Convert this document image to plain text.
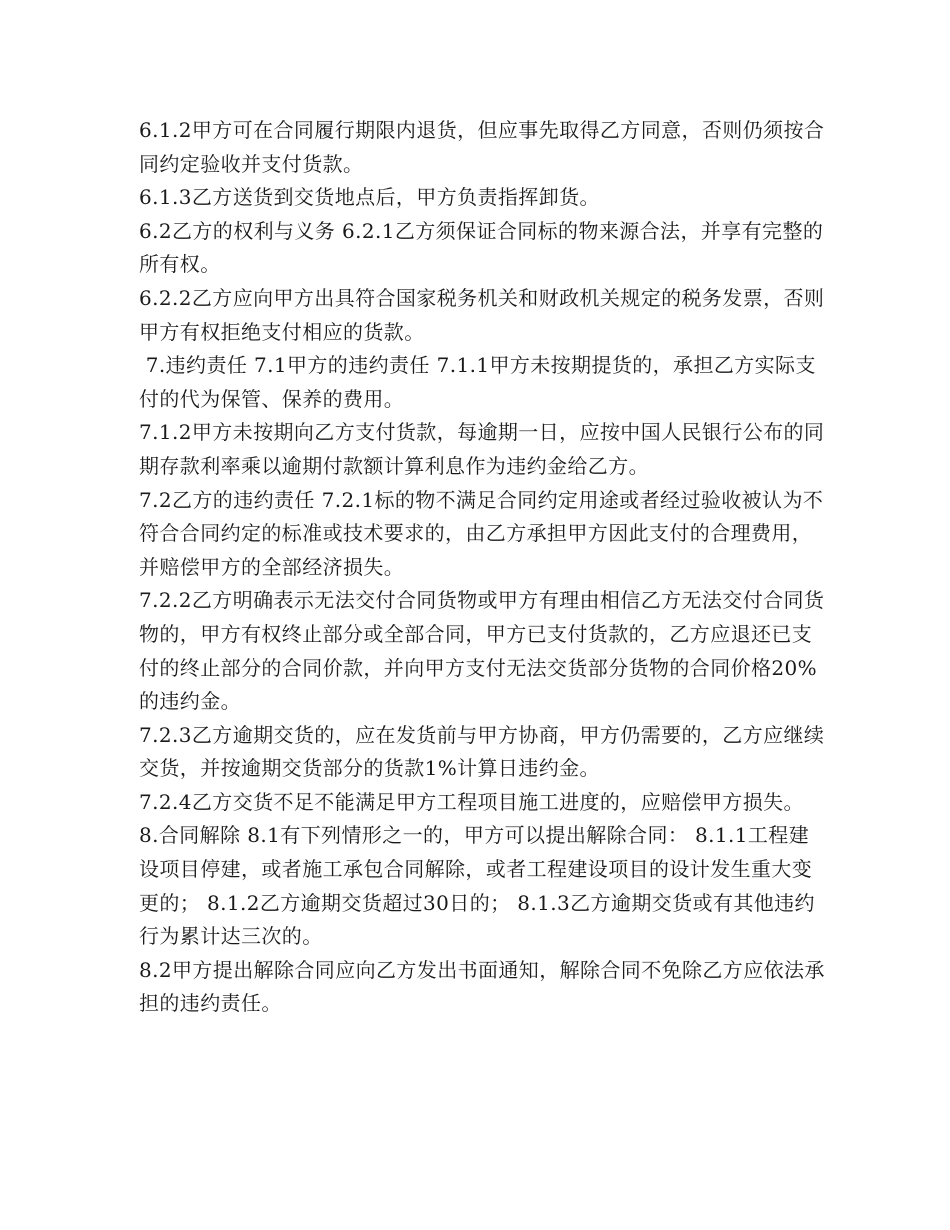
6.1.2甲方可在合同履行期限内退货，但应事先取得乙方同意，否则仍须按合同约定验收并支付货款。

6.1.3乙方送货到交货地点后，甲方负责指挥卸货。

6.2乙方的权利与义务 6.2.1乙方须保证合同标的物来源合法，并享有完整的所有权。

6.2.2乙方应向甲方出具符合国家税务机关和财政机关规定的税务发票，否则甲方有权拒绝支付相应的货款。

7.违约责任 7.1甲方的违约责任 7.1.1甲方未按期提货的，承担乙方实际支付的代为保管、保养的费用。

7.1.2甲方未按期向乙方支付货款，每逾期一日，应按中国人民银行公布的同期存款利率乘以逾期付款额计算利息作为违约金给乙方。

7.2乙方的违约责任 7.2.1标的物不满足合同约定用途或者经过验收被认为不符合合同约定的标准或技术要求的，由乙方承担甲方因此支付的合理费用，并赔偿甲方的全部经济损失。

7.2.2乙方明确表示无法交付合同货物或甲方有理由相信乙方无法交付合同货物的，甲方有权终止部分或全部合同，甲方已支付货款的，乙方应退还已支付的终止部分的合同价款，并向甲方支付无法交货部分货物的合同价格20%的违约金。

7.2.3乙方逾期交货的，应在发货前与甲方协商，甲方仍需要的，乙方应继续交货，并按逾期交货部分的货款1%计算日违约金。

7.2.4乙方交货不足不能满足甲方工程项目施工进度的，应赔偿甲方损失。

8.合同解除 8.1有下列情形之一的，甲方可以提出解除合同： 8.1.1工程建设项目停建，或者施工承包合同解除，或者工程建设项目的设计发生重大变更的； 8.1.2乙方逾期交货超过30日的； 8.1.3乙方逾期交货或有其他违约行为累计达三次的。

8.2甲方提出解除合同应向乙方发出书面通知，解除合同不免除乙方应依法承担的违约责任。
